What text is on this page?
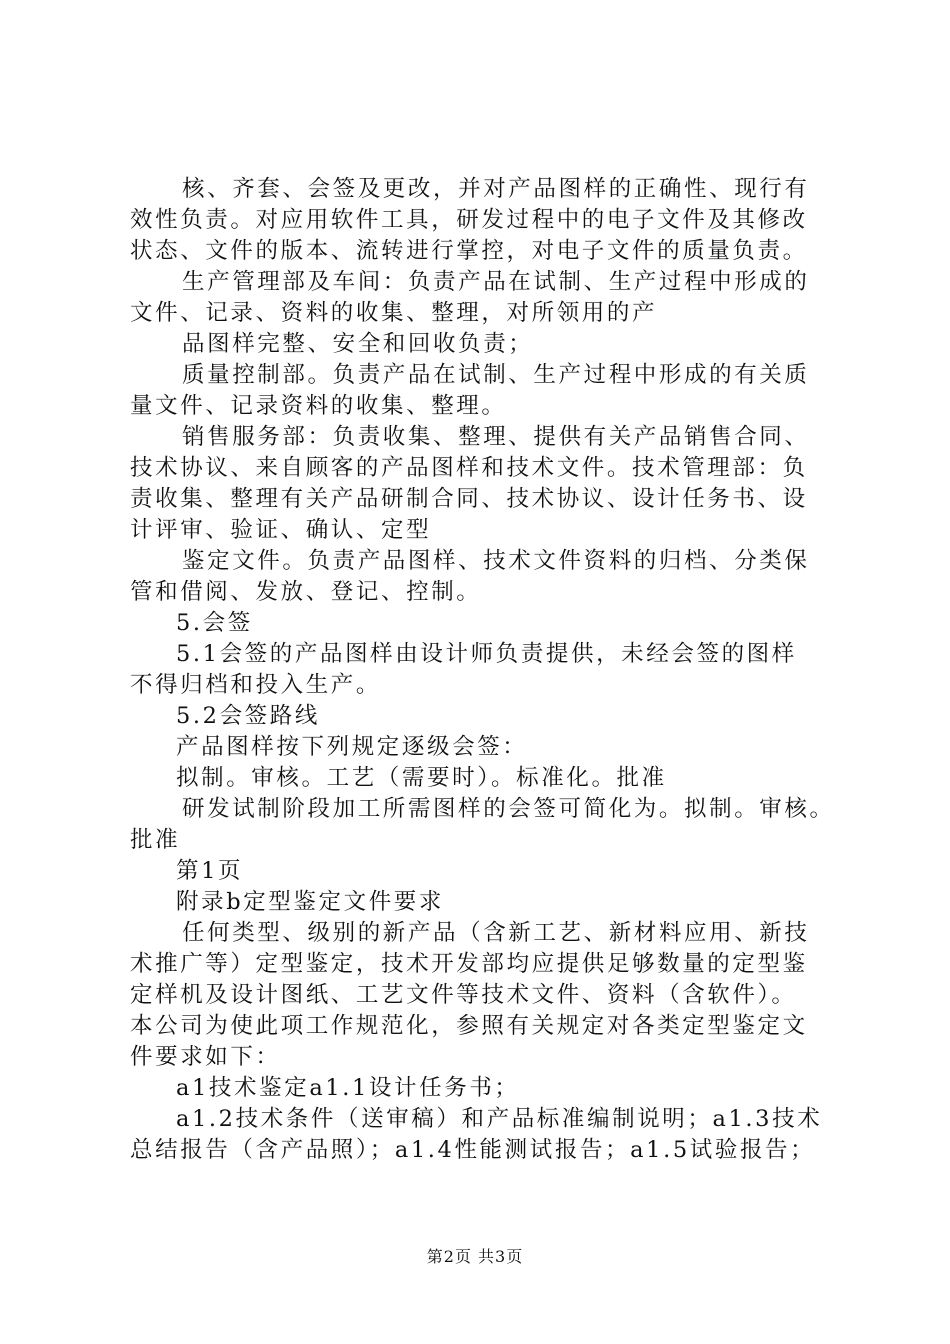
核、齐套、会签及更改，并对产品图样的正确性、现行有
效性负责。对应用软件工具，研发过程中的电子文件及其修改
状态、文件的版本、流转进行掌控，对电子文件的质量负责。
生产管理部及车间：负责产品在试制、生产过程中形成的
文件、记录、资料的收集、整理，对所领用的产
品图样完整、安全和回收负责；
质量控制部。负责产品在试制、生产过程中形成的有关质
量文件、记录资料的收集、整理。
销售服务部：负责收集、整理、提供有关产品销售合同、
技术协议、来自顾客的产品图样和技术文件。技术管理部：负
责收集、整理有关产品研制合同、技术协议、设计任务书、设
计评审、验证、确认、定型
鉴定文件。负责产品图样、技术文件资料的归档、分类保
管和借阅、发放、登记、控制。
5.会签
5.1会签的产品图样由设计师负责提供，未经会签的图样
不得归档和投入生产。
5.2会签路线
产品图样按下列规定逐级会签：
拟制。审核。工艺（需要时）。标准化。批准
研发试制阶段加工所需图样的会签可简化为。拟制。审核。
批准
第1页
附录b定型鉴定文件要求
任何类型、级别的新产品（含新工艺、新材料应用、新技
术推广等）定型鉴定，技术开发部均应提供足够数量的定型鉴
定样机及设计图纸、工艺文件等技术文件、资料（含软件）。
本公司为使此项工作规范化，参照有关规定对各类定型鉴定文
件要求如下：
a1技术鉴定a1.1设计任务书；
a1.2技术条件（送审稿）和产品标准编制说明；a1.3技术
总结报告（含产品照）；a1.4性能测试报告；a1.5试验报告；
第2页 共3页
